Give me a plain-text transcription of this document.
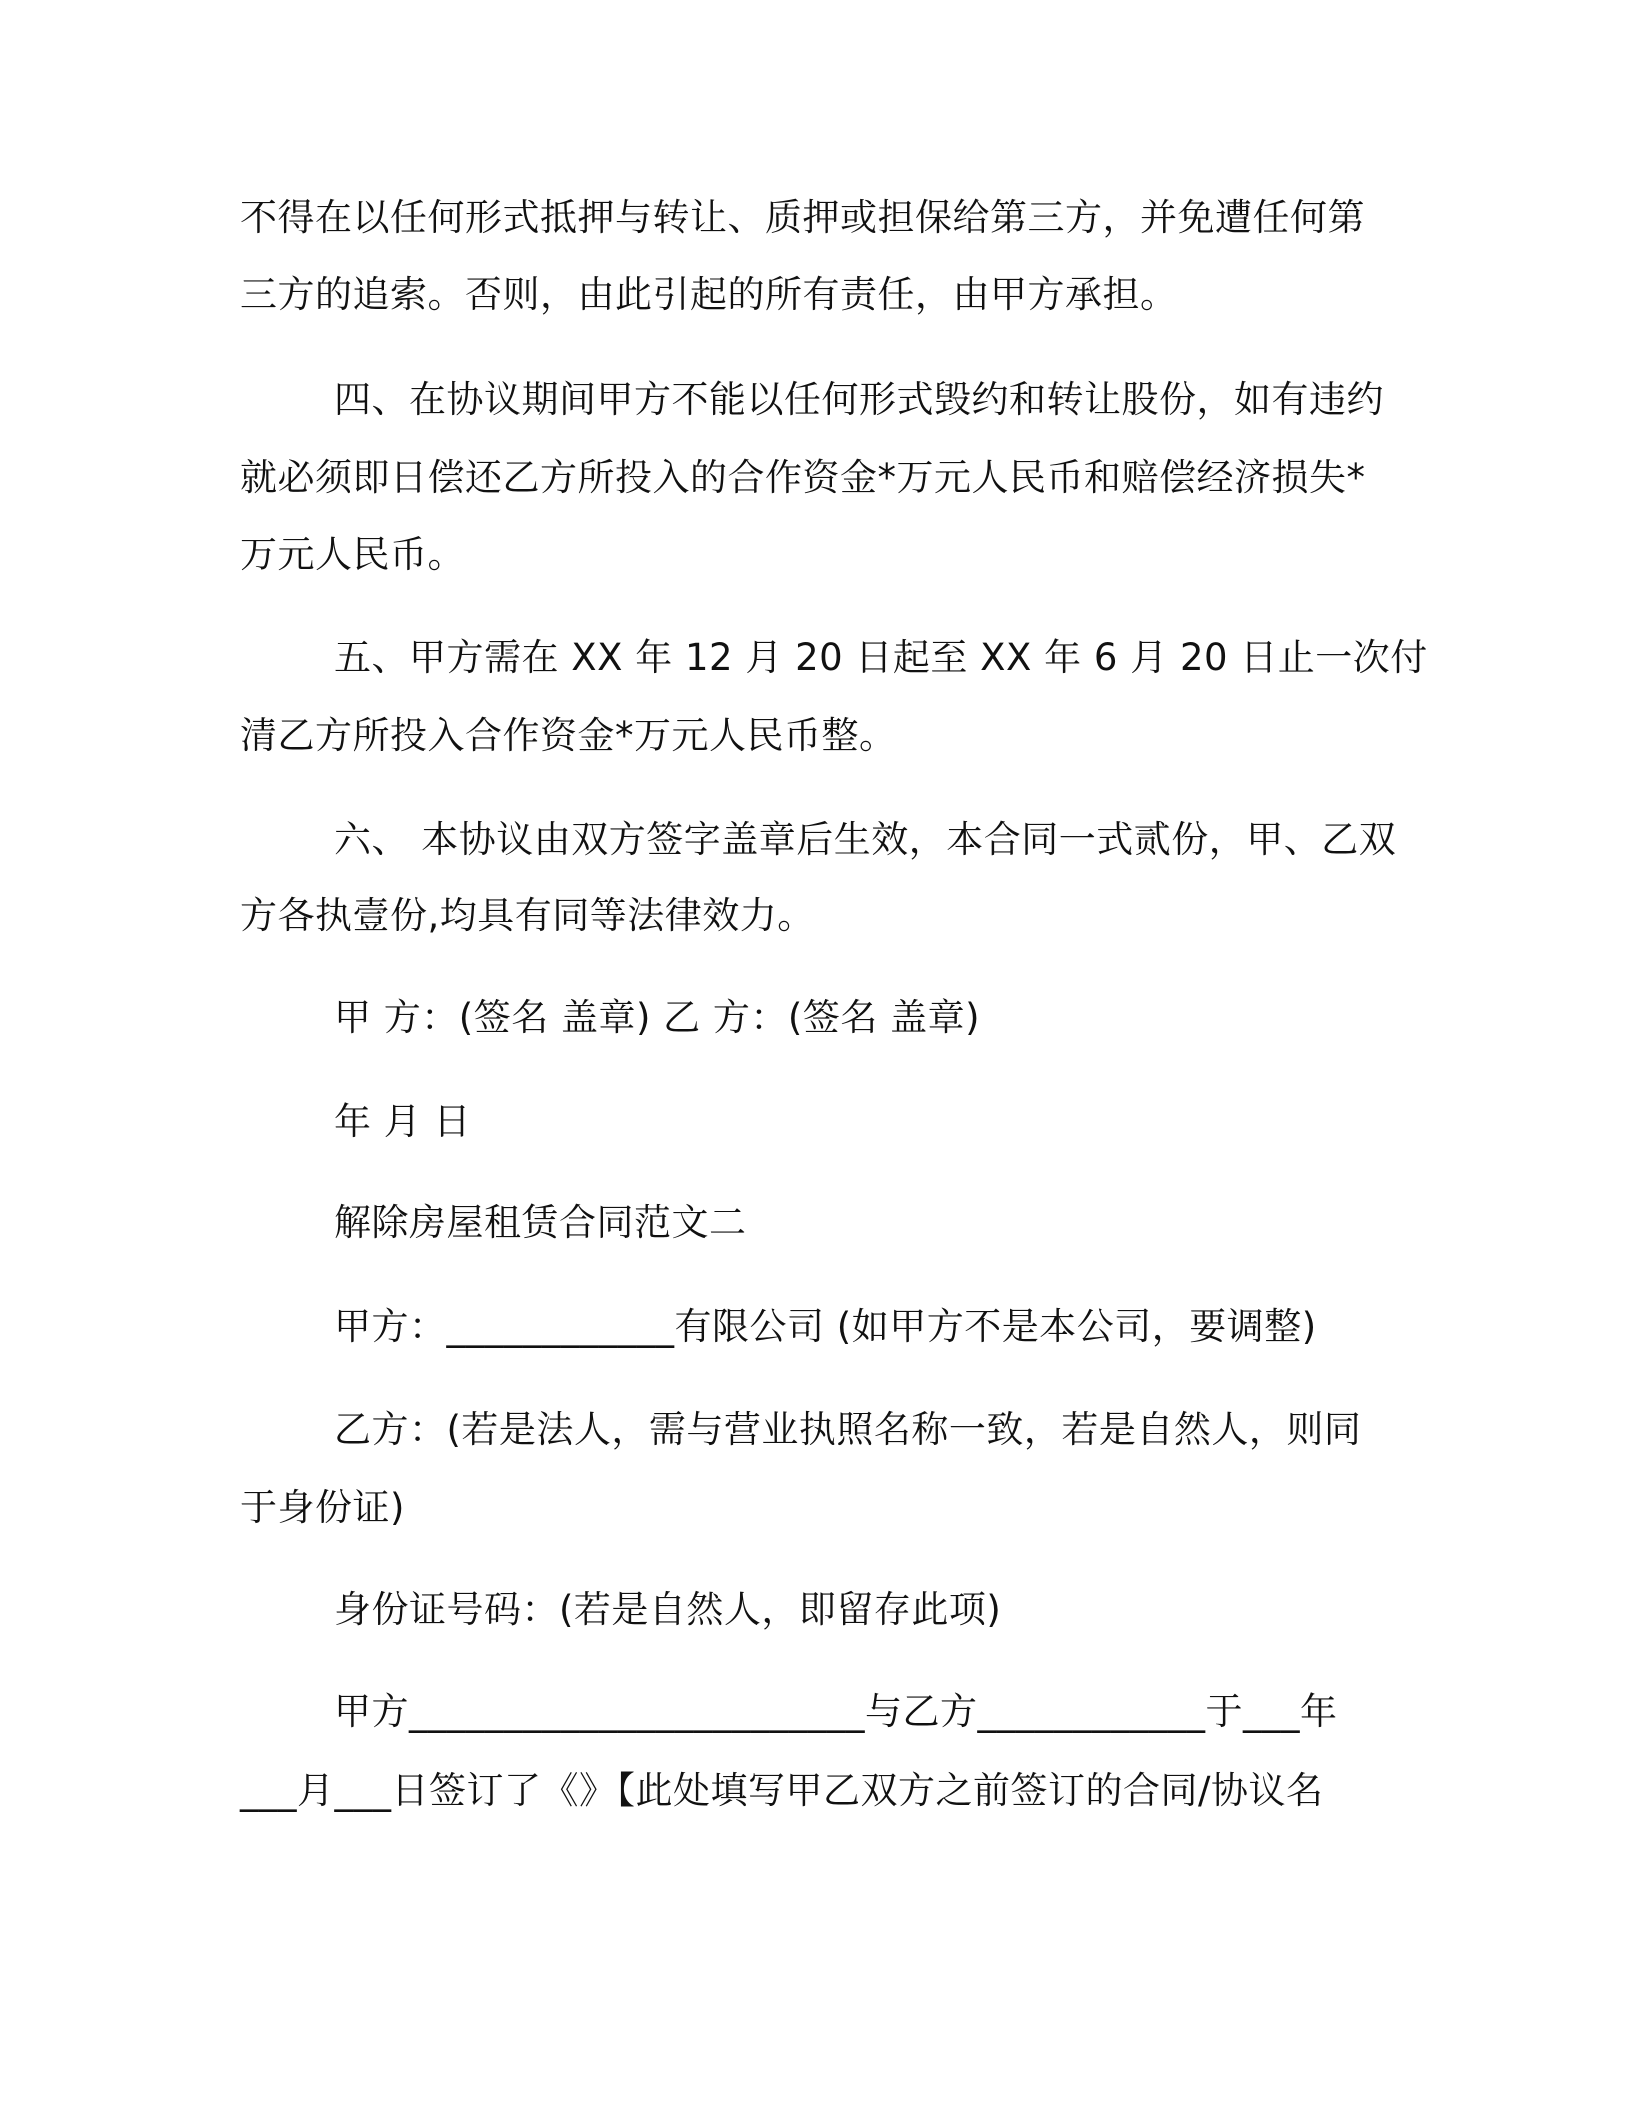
不得在以任何形式抵押与转让、质押或担保给第三方，并免遭任何第
三方的追索。否则，由此引起的所有责任，由甲方承担。
四、在协议期间甲方不能以任何形式毁约和转让股份，如有违约
就必须即日偿还乙方所投入的合作资金*万元人民币和赔偿经济损失*
万元人民币。
五、甲方需在 XX 年 12 月 20 日起至 XX 年 6 月 20 日止一次付
清乙方所投入合作资金*万元人民币整。
六、 本协议由双方签字盖章后生效，本合同一式贰份，甲、乙双
方各执壹份,均具有同等法律效力。
甲 方：(签名 盖章) 乙 方：(签名 盖章)
年 月 日
解除房屋租赁合同范文二
甲方：____________有限公司 (如甲方不是本公司，要调整)
乙方：(若是法人，需与营业执照名称一致，若是自然人，则同
于身份证)
身份证号码：(若是自然人，即留存此项)
甲方________________________与乙方____________于___年
___月___日签订了《》【此处填写甲乙双方之前签订的合同/协议名
